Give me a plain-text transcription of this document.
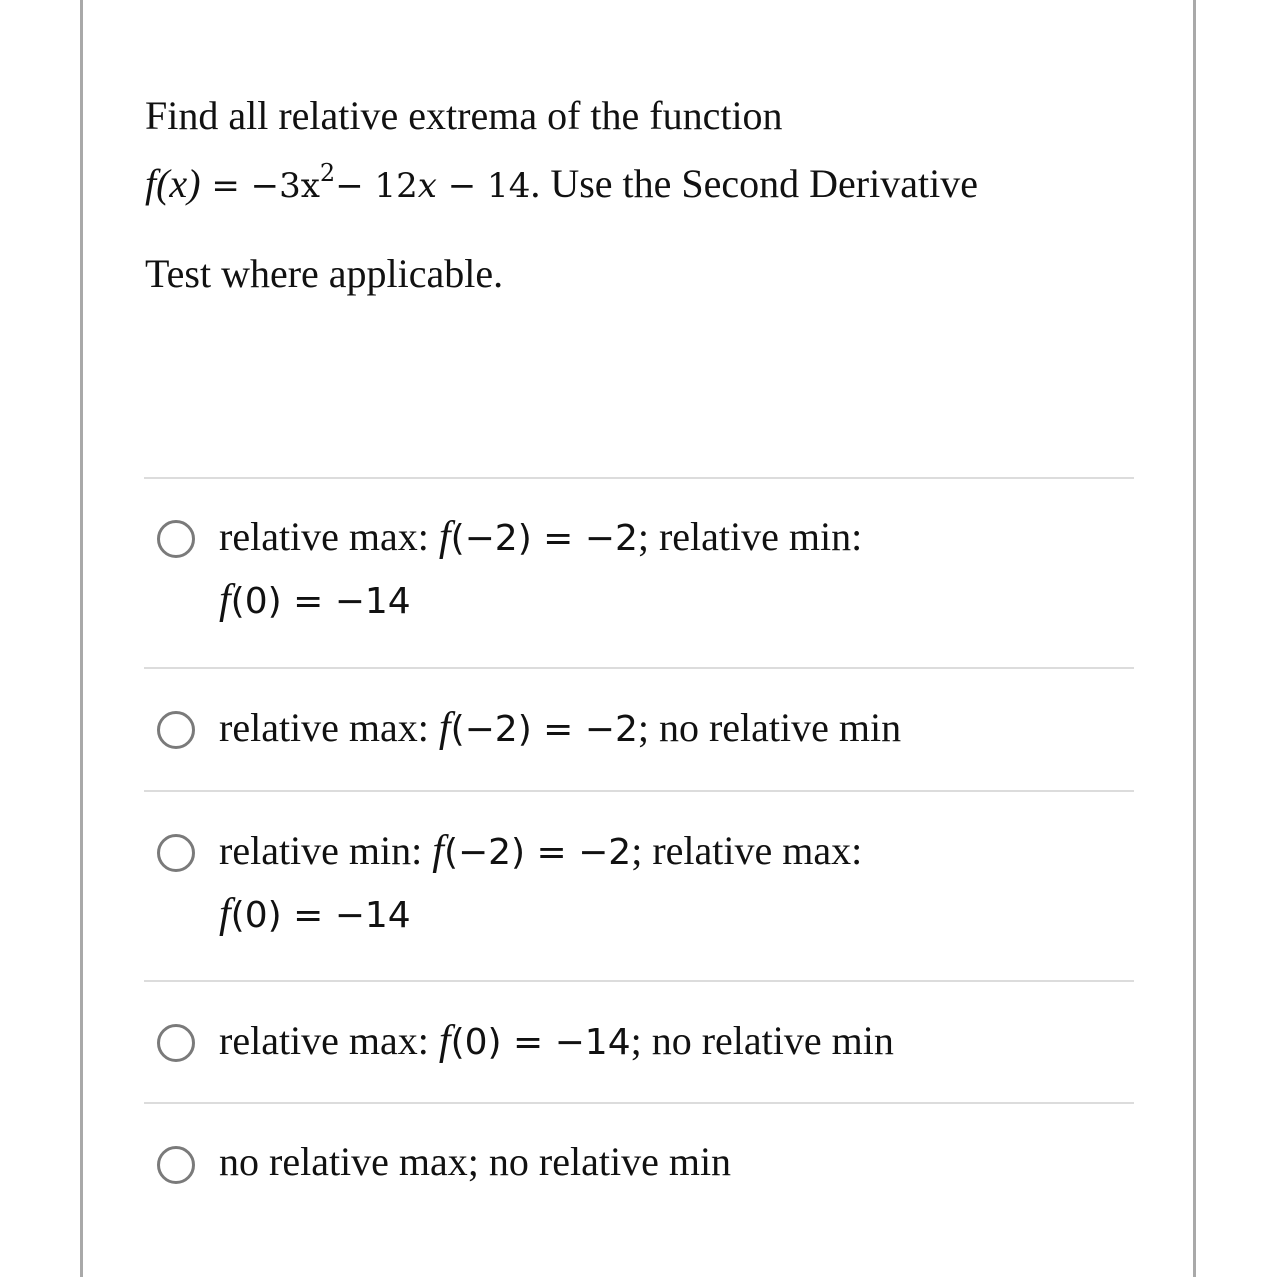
Find all relative extrema of the function
$f(x) = -3x^2- 12x - 14$. Use the Second Derivative
Test where applicable.
relative max: f(−2) = −2; relative min:
f(0) = −14
relative max: f(−2) = −2; no relative min
relative min: f(−2) = −2; relative max:
f(0) = −14
relative max: f(0) = −14; no relative min
no relative max; no relative min
